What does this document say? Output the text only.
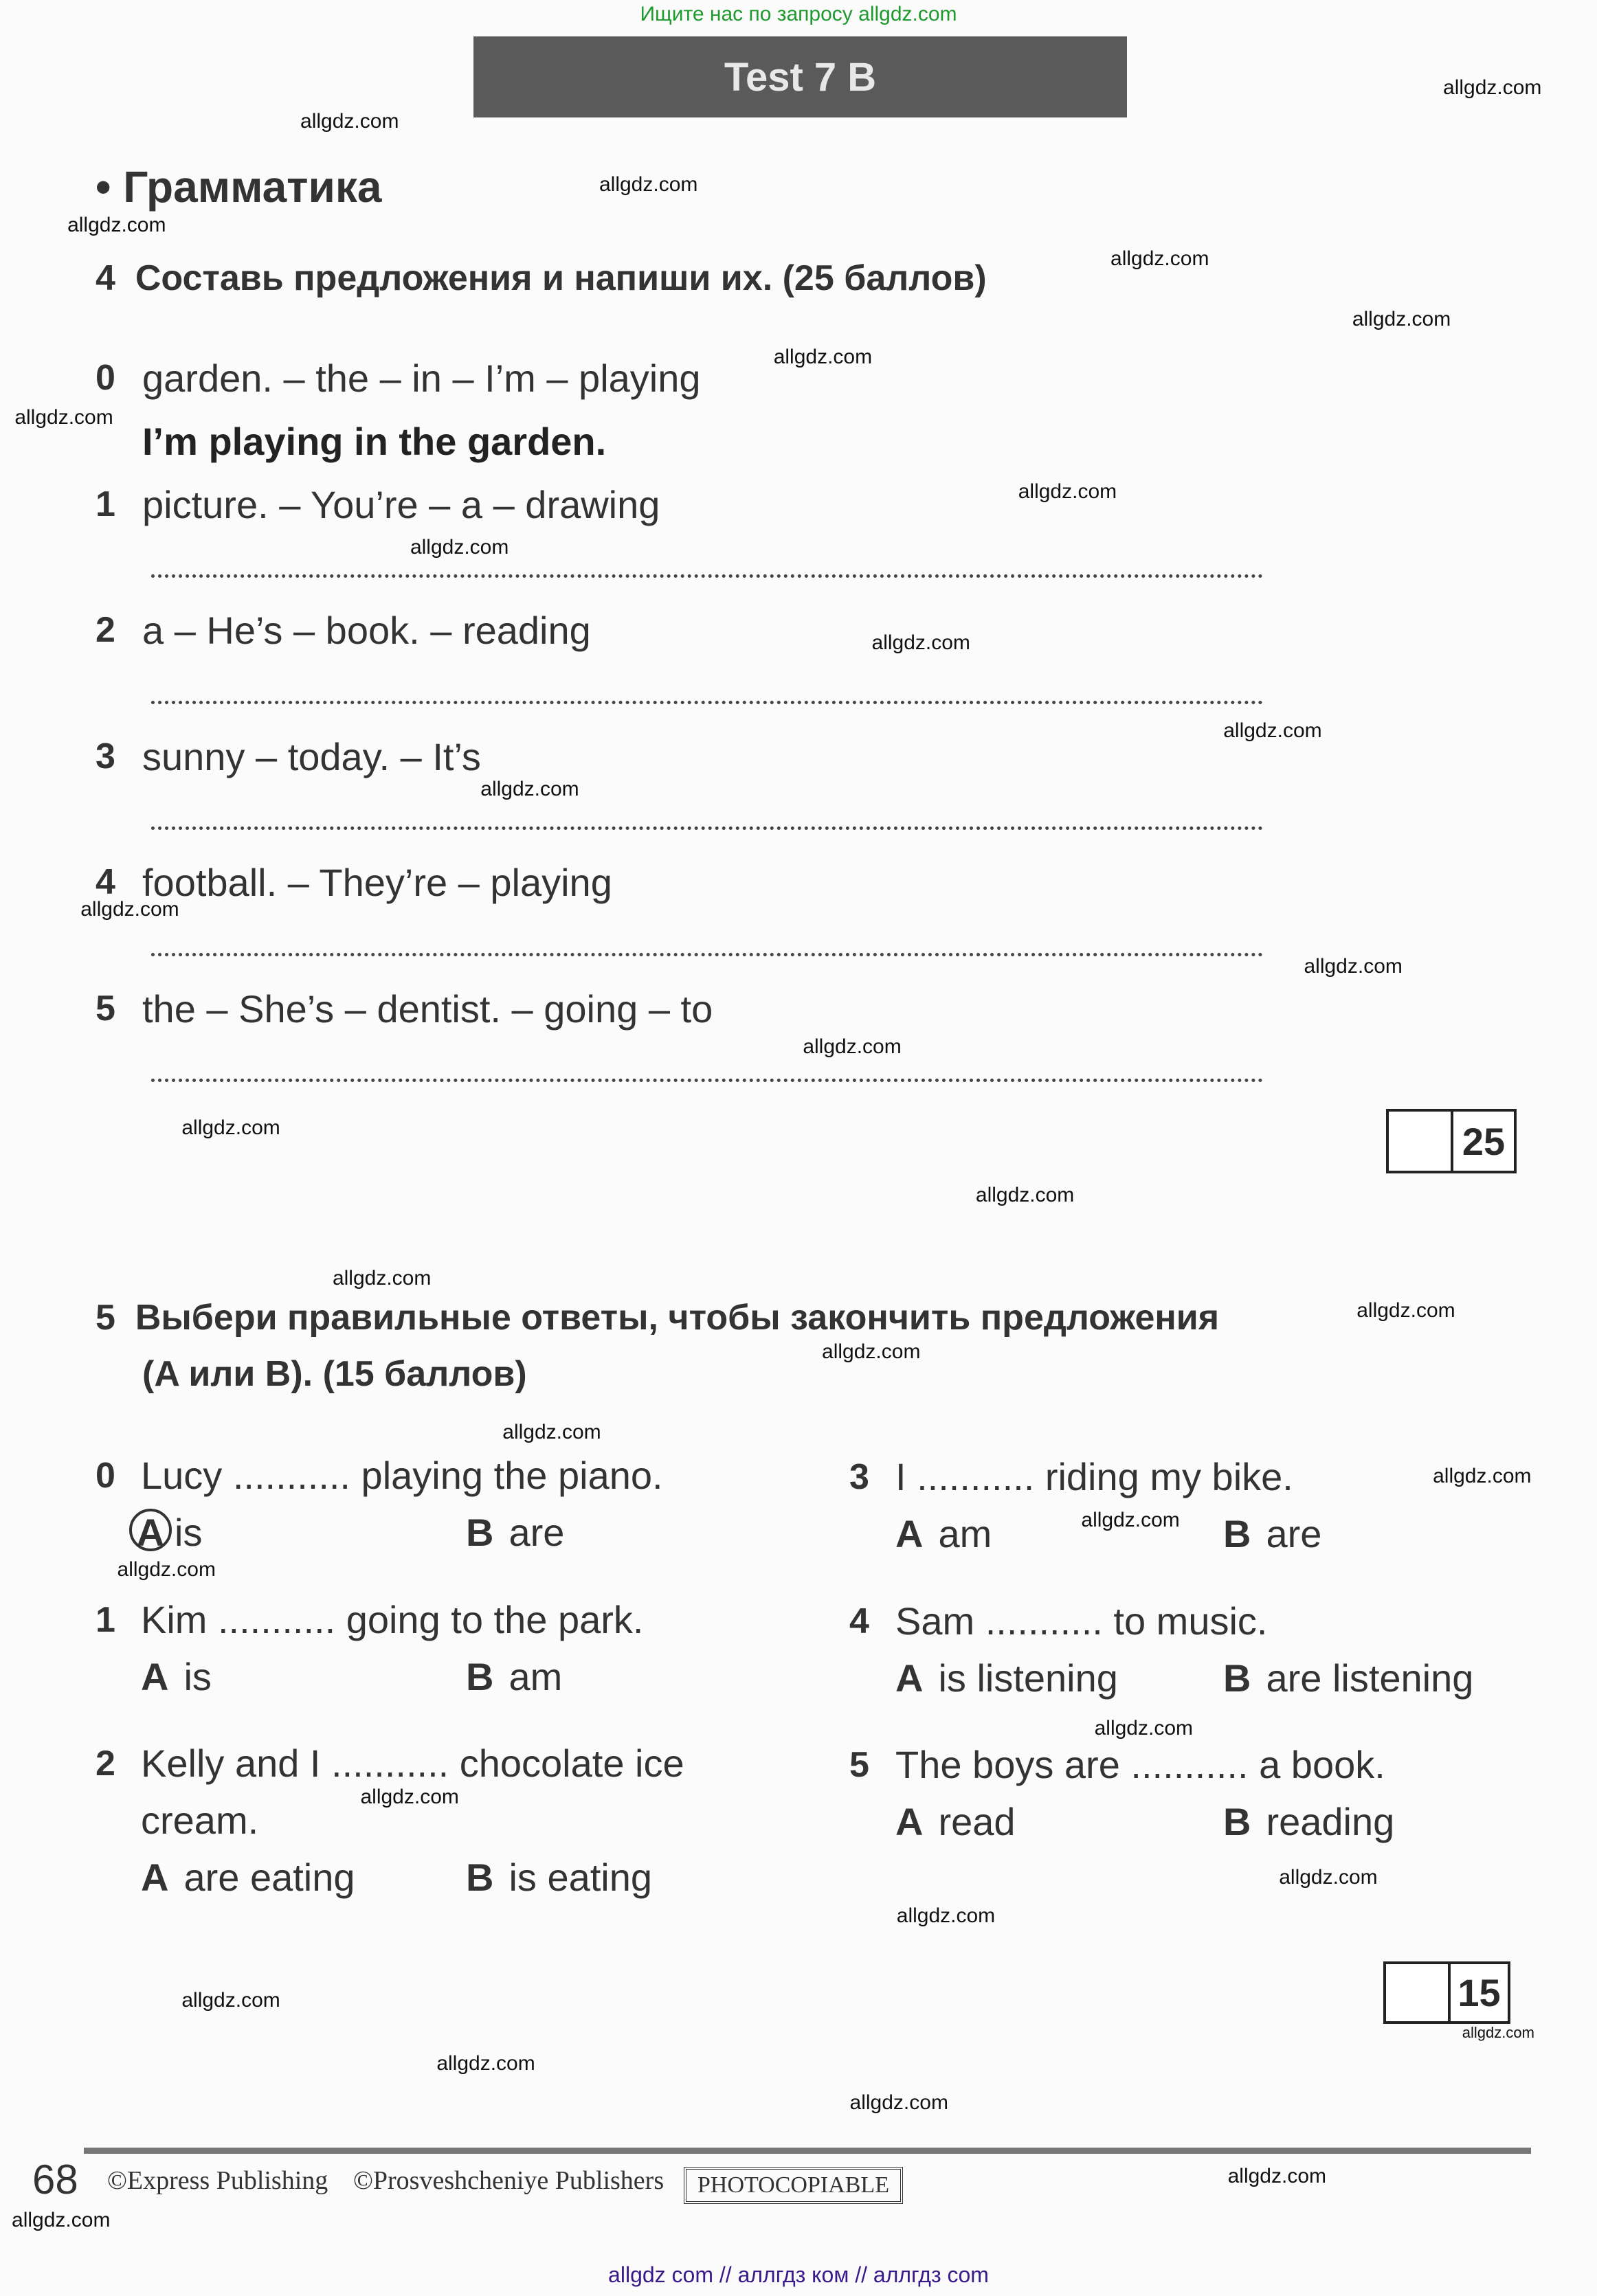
Ищите нас по запросу allgdz.com
Test 7 B
• Грамматика
4 Составь предложения и напиши их. (25 баллов)
0 garden. – the – in – I’m – playing
I’m playing in the garden.
1 picture. – You’re – a – drawing
2 a – He’s – book. – reading
3 sunny – today. – It’s
4 football. – They’re – playing
5 the – She’s – dentist. – going – to
25
5 Выбери правильные ответы, чтобы закончить предложения
(A или B). (15 баллов)
0 Lucy ........... playing the piano.
A is	B are
1 Kim ........... going to the park.
A is	B am
2 Kelly and I ........... chocolate ice
cream.
A are eating	B is eating
3 I ........... riding my bike.
A am	B are
4 Sam ........... to music.
A is listening	B are listening
5 The boys are ........... a book.
A read	B reading
15
68 ©Express Publishing ©Prosveshcheniye Publishers	PHOTOCOPIABLE
allgdz com // аллгдз ком // аллгдз com
allgdz.com
allgdz.com
allgdz.com
allgdz.com
allgdz.com
allgdz.com
allgdz.com
allgdz.com
allgdz.com
allgdz.com
allgdz.com
allgdz.com
allgdz.com
allgdz.com
allgdz.com
allgdz.com
allgdz.com
allgdz.com
allgdz.com
allgdz.com
allgdz.com
allgdz.com
allgdz.com
allgdz.com
allgdz.com
allgdz.com
allgdz.com
allgdz.com
allgdz.com
allgdz.com
allgdz.com
allgdz.com
allgdz.com
allgdz.com
allgdz.com
